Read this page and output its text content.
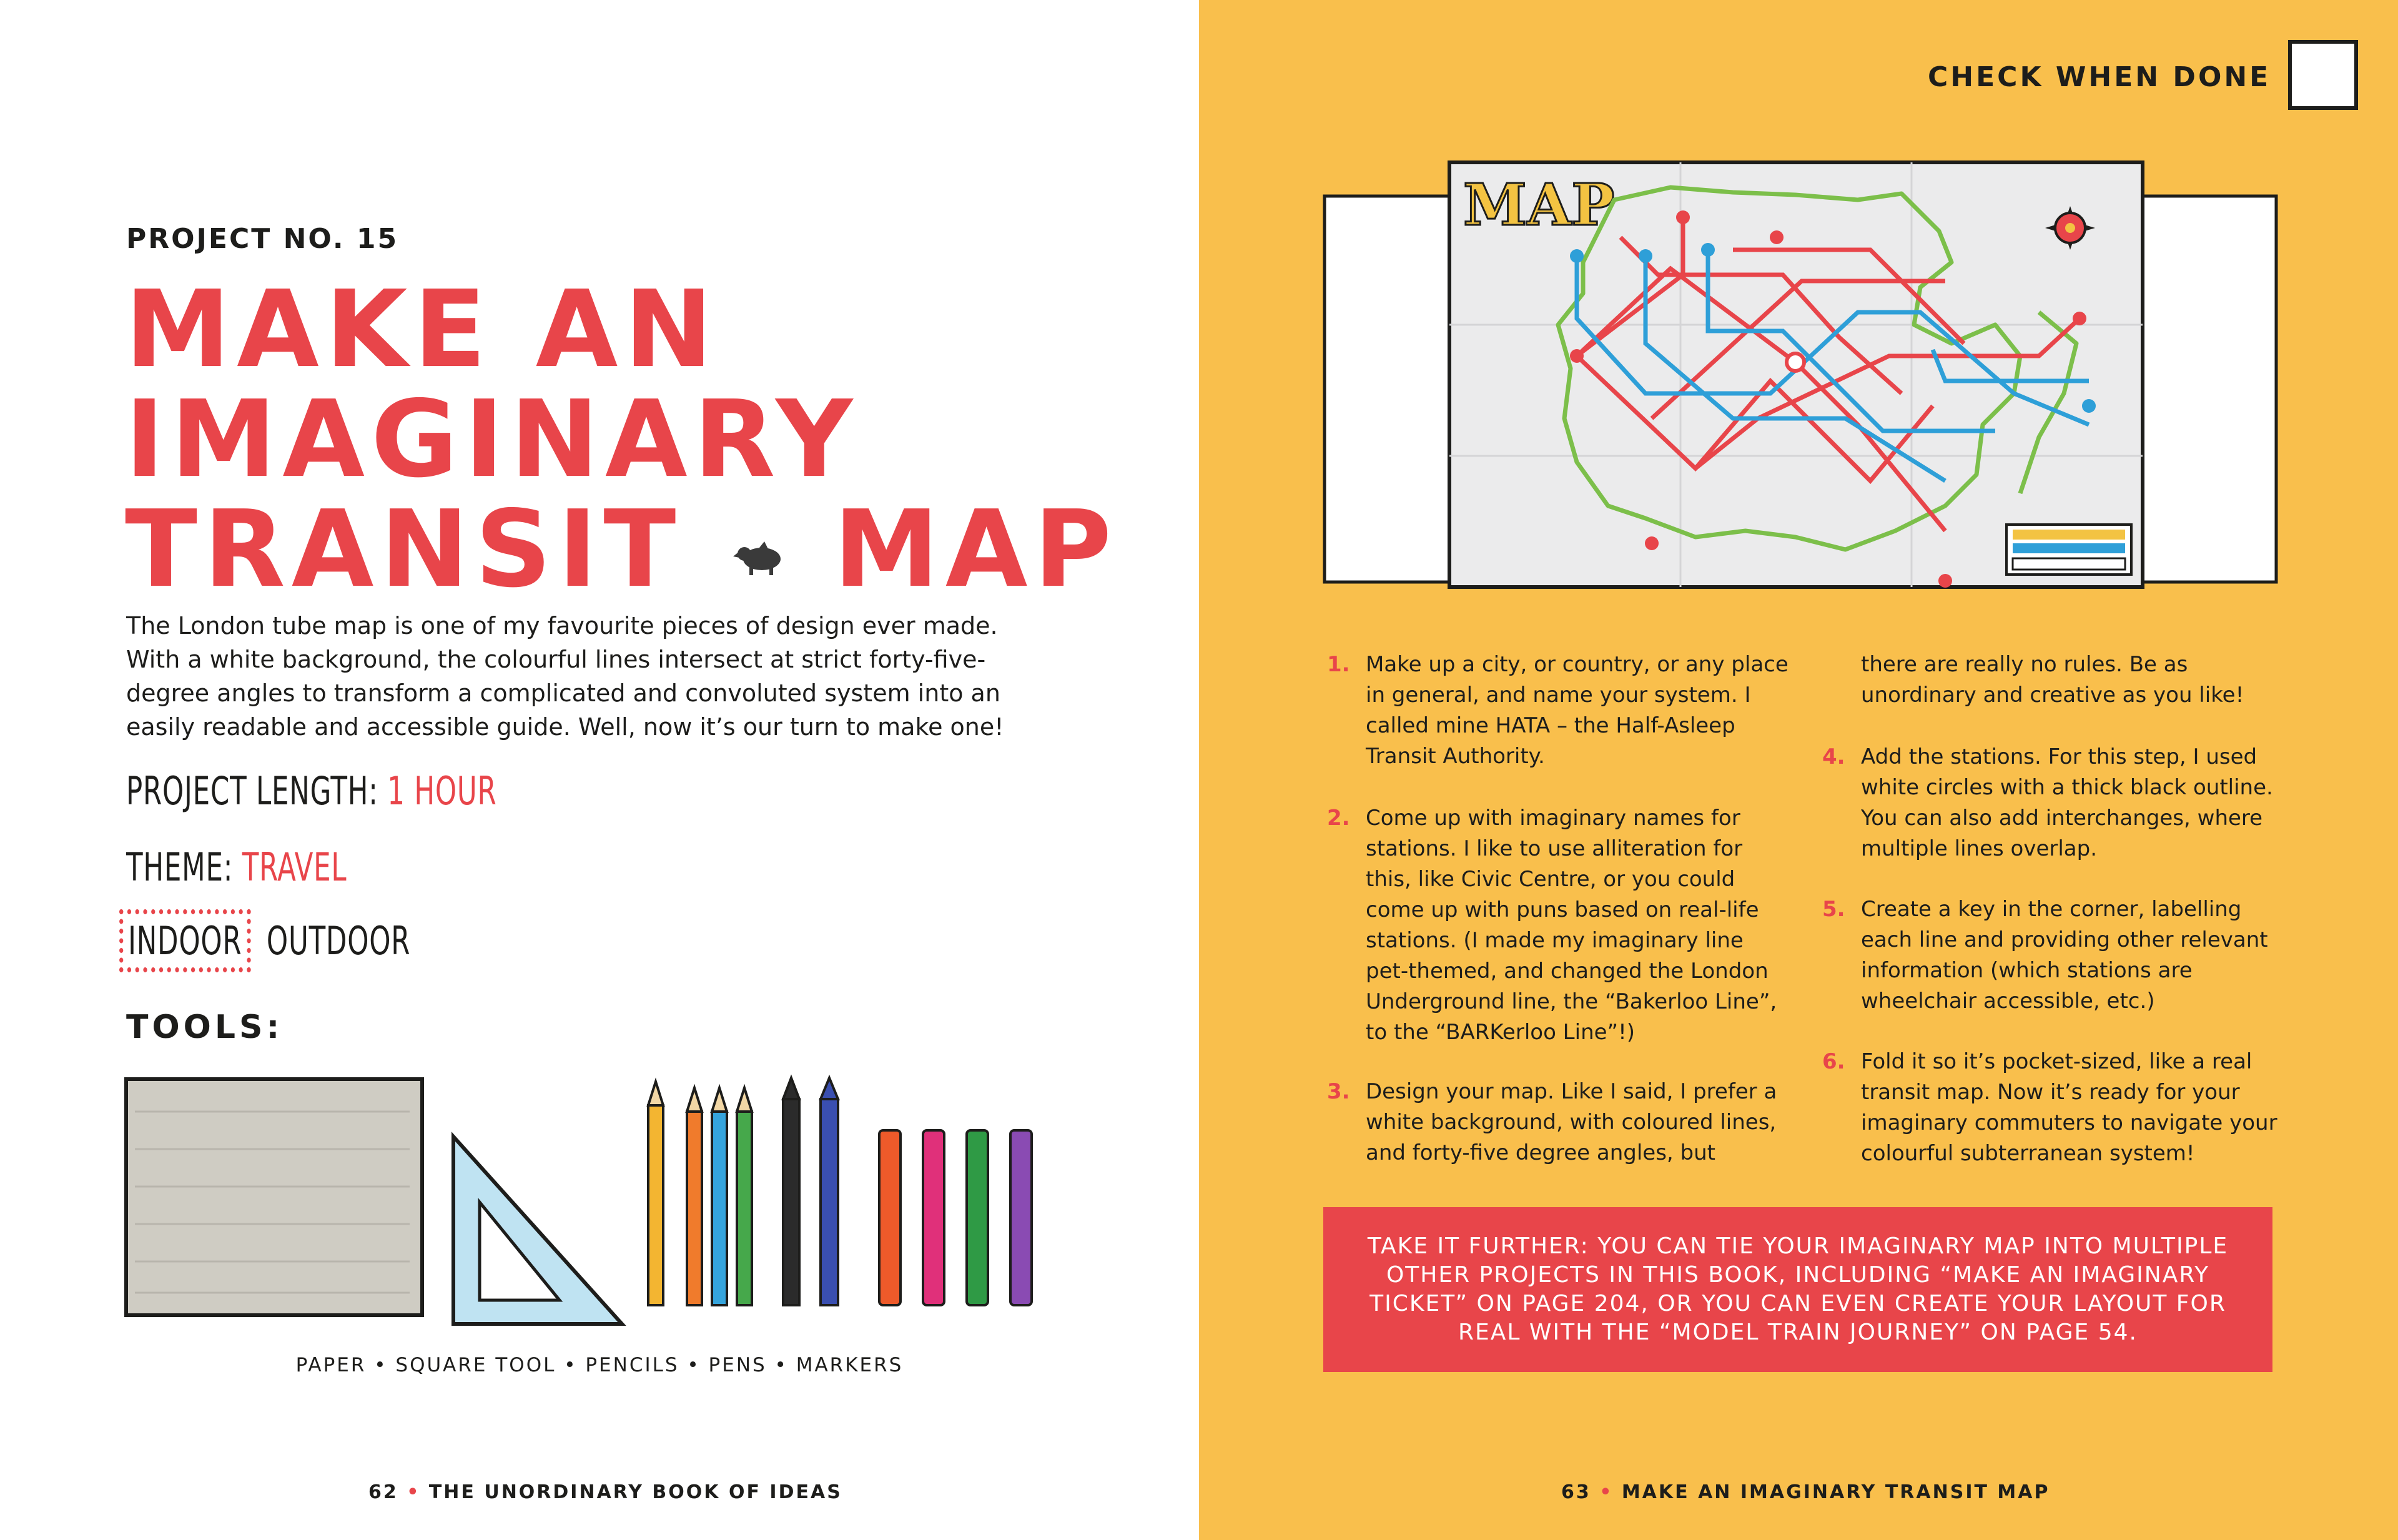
PROJECT NO. 15
MAKE AN
IMAGINARY
TRANSIT MAP
The London tube map is one of my favourite pieces of design ever made. With a white background, the colourful lines intersect at strict forty-five-degree angles to transform a complicated and convoluted system into an easily readable and accessible guide. Well, now it’s our turn to make one!
PROJECT LENGTH: 1 HOUR
THEME: TRAVEL
INDOOR OUTDOOR
TOOLS:
PAPER • SQUARE TOOL • PENCILS • PENS • MARKERS
62 • THE UNORDINARY BOOK OF IDEAS
CHECK WHEN DONE
MAP
1. Make up a city, or country, or any place in general, and name your system. I called mine HATA – the Half-Asleep Transit Authority.
2. Come up with imaginary names for stations. I like to use alliteration for this, like Civic Centre, or you could come up with puns based on real-life stations. (I made my imaginary line pet-themed, and changed the London Underground line, the “Bakerloo Line”, to the “BARKerloo Line”!)
3. Design your map. Like I said, I prefer a white background, with coloured lines, and forty-five degree angles, but
there are really no rules. Be as unordinary and creative as you like!
4. Add the stations. For this step, I used white circles with a thick black outline. You can also add interchanges, where multiple lines overlap.
5. Create a key in the corner, labelling each line and providing other relevant information (which stations are wheelchair accessible, etc.)
6. Fold it so it’s pocket-sized, like a real transit map. Now it’s ready for your imaginary commuters to navigate your colourful subterranean system!
TAKE IT FURTHER: YOU CAN TIE YOUR IMAGINARY MAP INTO MULTIPLE OTHER PROJECTS IN THIS BOOK, INCLUDING “MAKE AN IMAGINARY TICKET” ON PAGE 204, OR YOU CAN EVEN CREATE YOUR LAYOUT FOR REAL WITH THE “MODEL TRAIN JOURNEY” ON PAGE 54.
63 • MAKE AN IMAGINARY TRANSIT MAP
